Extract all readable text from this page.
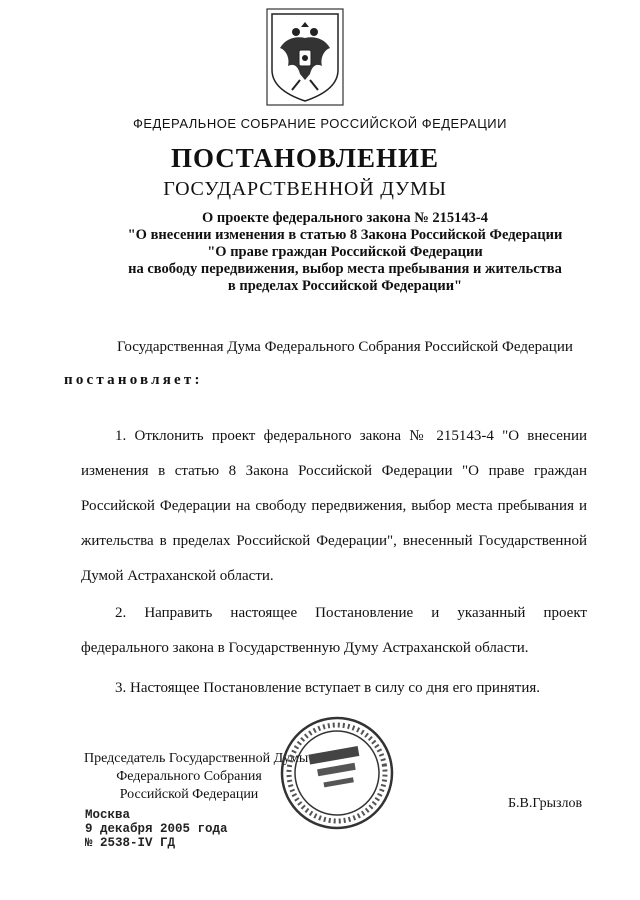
ФЕДЕРАЛЬНОЕ СОБРАНИЕ РОССИЙСКОЙ ФЕДЕРАЦИИ
ПОСТАНОВЛЕНИЕ
ГОСУДАРСТВЕННОЙ ДУМЫ
О проекте федерального закона № 215143-4
"О внесении изменения в статью 8 Закона Российской Федерации
"О праве граждан Российской Федерации
на свободу передвижения, выбор места пребывания и жительства
в пределах Российской Федерации"
Государственная Дума Федерального Собрания Российской Федерации
постановляет:
1. Отклонить проект федерального закона № 215143-4 "О внесении изменения в статью 8 Закона Российской Федерации "О праве граждан Российской Федерации на свободу передвижения, выбор места пребывания и жительства в пределах Российской Федерации", внесенный Государственной Думой Астраханской области.
2. Направить настоящее Постановление и указанный проект федерального закона в Государственную Думу Астраханской области.
3. Настоящее Постановление вступает в силу со дня его принятия.
Председатель Государственной Думы
Федерального Собрания
Российской Федерации
Б.В.Грызлов
Москва
9 декабря 2005 года
№ 2538-IV ГД
